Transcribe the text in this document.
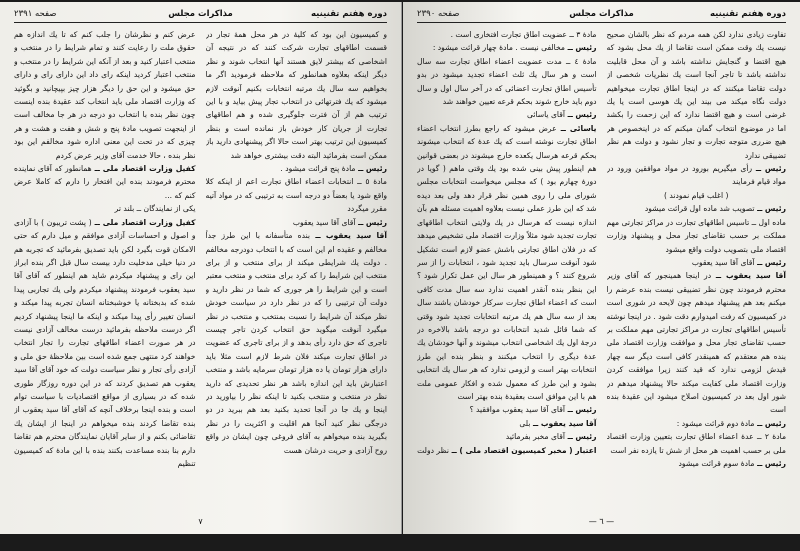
دوره هفتم تقنینیه
مذاکرات مجلس
صفحه ۲۳۹۱

و کمیسیون این بود که کلیهٔ در هر محل همهٔ تجار در قسمت اطاقهای تجارت شرکت کنند که در نتیجه آن اشخاصی که بیشتر لایق هستند آنها انتخاب شوند و نظر دیگر اینکه بعلاوه همانطور که ملاحظه فرمودید اگر ما بخواهیم سه سال یك مرتبه انتخابات بکنیم آنوقت لازم میشود که یك فترتهائی در انتخاب تجار پیش بیاید و با این ترتیب هم از آن فترت جلوگیری شده و هم اطاقهای تجارت از جریان کار خودش باز نمانده است و بنظر کمیسیون این ترتیب بهتر است حالا اگر پیشنهادی دارید باز ممکن است بفرمائید البته دقت بیشتری خواهد شد

رئیس ــ مادهٔ پنج قرائت میشود .

مادهٔ ٥ ــ انتخابات اعضاء اطاق تجارت اعم از اینکه کلا واقع شود یا بعضاً دو درجه است به ترتیبی که در مواد آتیه مقرر میگردد

رئیس ــ آقای آقا سید یعقوب

آقا سید یعقوب ــ بنده متأسفانه با این طرز جداً مخالفم و عقیده ام این است که با انتخاب دودرجه مخالفم . دولت یك شرایطی میکند از برای منتخب و از برای منتخب این شرایط را که کرد برای منتخب و منتخب معتبر است و این شرایط را هر جوری که شما در نظر دارید و دولت آن ترتیبی را که در نظر دارد در سیاست خودش نظر میکند آن شرایط را نسبت بمنتخب و منتخب در نظر میگیرد آنوقت میگوید حق انتخاب کردن تاجر چیست تاجری که حق دارد رأی بدهد و از برای تاجری که عضویت در اطاق تجارت میکند فلان شرط لازم است مثلا باید دارای هزار تومان یا ده هزار تومان سرمایه باشد و منتخب اعتبارش باید این اندازه باشد هر نظر تحدیدی که دارید نظر در منتخب و منتخب بکنید تا اینکه نظر را بیاورید در اینجا و یك جا در آنجا تحدید بکنید بعد هم ببرید در دو درجگی نظر کنید آنجا هم اقلیت و اکثریت را در نظر بگیرید بنده میخواهم به آقای فروغی چون ایشان در واقع روح آزادی و حریت درشان هست

عرض کنم و نظرشان را جلب کنم که تا یك اندازه هم حقوق ملت را رعایت کنند و تمام شرایط را در منتخب و منتخب اعتبار کنید و بعد از آنکه این شرایط را در منتخب و منتخب اعتبار کردید اینکه رای داد این دارای رای و دارای حق میشود و این حق را دیگر هزار چیز بپیچانید و بگوئید که وزارت اقتصاد ملی باید انتخاب کند عقیدهٔ بنده اینست چون نظر بنده با انتخاب دو درجه در هر جا مخالف است از اینجهت تصویب مادهٔ پنج و شش و هفت و هشت و هر چیزی که در تحت این معنی اداره شود مخالفم این بود نظر بنده ، حالا خدمت آقای وزیر عرض کردم

کفیل وزارت اقتصاد ملی ــ همانطور که آقای نماینده محترم فرمودند بنده این افتخار را دارم که کاملا عرض کنم که ...

یکی از نمایندگان ــ بلند تر

کفیل وزارت اقتصاد ملی ــ ( پشت تریبون ) با آزادی و اصول و احساسات آزادی موافقم و میل دارم که حتی الامکان قوت بگیرد لکن باید تصدیق بفرمائید که تجربه هم در دنیا خیلی مدخلیت دارد بیست سال قبل اگر بنده ابراز این رای و پیشنهاد میکردم شاید هم اینطور که آقای آقا سید یعقوب فرمودند پیشنهاد میکردم ولی یك تجاربی پیدا شده که بدبختانه یا خوشبختانه انسان تجربه پیدا میکند و انسان تغییر رأی پیدا میکند و اینکه ما اینجا پیشنهاد کردیم اگر درست ملاحظه بفرمائید درست مخالف آزادی نیست در هر صورت اعضاء اطاقهای تجارت را تجار انتخاب خواهند کرد منتهی جمع شده است بین ملاحظهٔ حق ملی و آزادی رأی تجار و نظر سیاست دولت که خود آقای آقا سید یعقوب هم تصدیق کردند که در این دوره روزگار طوری شده که در بسیاری از مواقع اقتصادیات با سیاست توام است و بنده اینجا برخلاف آنچه که آقای آقا سید یعقوب از بنده تقاضا کردند بنده میخواهم در اینجا از ایشان یك تقاضائی بکنم و از سایر آقایان نمایندگان محترم هم تقاضا دارم بنا بنده مساعدت بکنند بنده با این مادهٔ که کمیسیون تنظیم

۷
دوره هفتم تقنینیه
مذاکرات مجلس
صفحه ۲۳۹۰

تفاوت زیادی ندارد لکن همه مردم که نظر بالشان صحیح نیست یك وقت ممكن است تقاضا از یك محل بشود كه هیچ اقتضا و گنجایش نداشته باشد و آن محل قابلیت نداشته باشد تا تاجر آنجا است یك نظریات شخصی از دولت تقاضا میکنند که در اینجا اطاق تجارت میخواهیم دولت نگاه میکند می بیند این یك هوسی است یا یك غرضی است و هیچ اقتضا ندارد که این زحمت را بکشد اما در موضوع انتخاب گمان میکنم که در اینخصوص هر هیچ ضرری متوجه تجارت و تجار نشود و دولت هم نظر تضییقی ندارد

رئیس ــ رأی میگیریم بورود در مواد موافقین ورود در مواد قیام فرمایند

( اغلب قیام نمودند )

رئیس ــ تصویب شد ماده اول قرائت میشود

ماده اول ــ تاسیس اطاقهای تجارت در مراکز تجارتی مهم مملکت بر حسب تقاضای تجار محل و پیشنهاد وزارت اقتصاد ملی بتصویب دولت واقع میشود

رئیس ــ آقای آقا سید یعقوب

آقا سید یعقوب ــ در اینجا همینجور که آقای وزیر محترم فرمودند چون نظر تضییقی نیست بنده عرضم را میکنم بعد هم پیشنهاد میدهم چون لایحه در شوری است در کمیسیون که رفت امیدوارم دقت شود . در اینجا نوشته تأسیس اطاقهای تجارت در مراکز تجارتی مهم مملکت بر حسب تقاضای تجار محل و موافقت وزارت اقتصاد ملی بنده هم معتقدم که همینقدر کافی است دیگر سه چهار قیدش لزومی ندارد که قید کنند زیرا موافقت کردن وزارت اقتصاد ملی کفایت میکند حالا پیشنهاد میدهم در شور اول بعد در کمیسیون اصلاح میشود این عقیدهٔ بنده است

رئیس ــ مادهٔ دوم قرائت میشود :

مادهٔ ۲ ــ عدهٔ اعضاء اطاق تجارت بتعیین وزارت اقتصاد ملی بر حسب اهمیت هر محل از شش تا یازده نفر است

رئیس ــ مادهٔ سوم قرائت میشود

مادهٔ ۳ ــ عضویت اطاق تجارت افتخاری است .

رئیس ــ مخالفی نیست . مادهٔ چهار قرائت میشود :

مادهٔ ٤ ــ مدت عضویت اعضاء اطاق تجارت سه سال است و هر سال یك ثلث اعضاء تجدید میشود در بدو تأسیس اطاق تجارت اعضائی که در آخر سال اول و سال دوم باید خارج شوند بحکم قرعه تعیین خواهند شد

رئیس ــ آقای یاسائی

یاسائی ــ عرض میشود که راجع بطرز انتخاب اعضاء اطاق تجارت نوشته است که یك عدهٔ که انتخاب میشوند بحکم قرعه هرسال یکعده خارج میشوند در بعضی قوانین هم اینطور پیش بینی شده بود یك وقتی ماهم ( گویا در دورهٔ چهارم بود ) که مجلس میخواست انتخابات مجلس شورای ملی را روی همین نظر قرار دهد ولی بعد دیده شد که این طرز عملی نیست بعلاوه اهمیت مسئله هم بآن اندازه نیست که هرسال در یك ولایتی انتخاب اطاقهای تجارت تجدید شود مثلاً وزارت اقتصاد ملی تشخیص میدهد که در فلان اطاق تجارتی باشش عضو لازم است تشکیل شود آنوقت سرسال باید تجدید شود ، انتخابات را از سر شروع کنند ؟ و همینطور هر سال این عمل تکرار شود ؟ این بنظر بنده آنقدر اهمیت ندارد سه سال مدت کافی است که اعضاء اطاق تجارت سرکار خودشان باشند سال بعد از سه سال هم یك مرتبه انتخابات تجدید شود وقتی که شما قائل شدید انتخابات دو درجه باشد بالاخره در درجهٔ اول یك اشخاصی انتخاب میشوند و آنها خودشان یك عدهٔ دیگری را انتخاب میکنند و بنظر بنده این طرز انتخابات بهتر است و لزومی ندارد که هر سال یك انتخابی بشود و این طرز که معمول شده و افکار عمومی ملت هم با این موافق است بعقیدهٔ بنده بهتر است

رئیس ــ آقای آقا سید یعقوب موافقید ؟

آقا سید یعقوب ــ بلی

رئیس ــ آقای مخبر بفرمائید

اعتبار ( مخبر کمیسیون اقتصاد ملی ) ــ نظر دولت

— ٦ —
